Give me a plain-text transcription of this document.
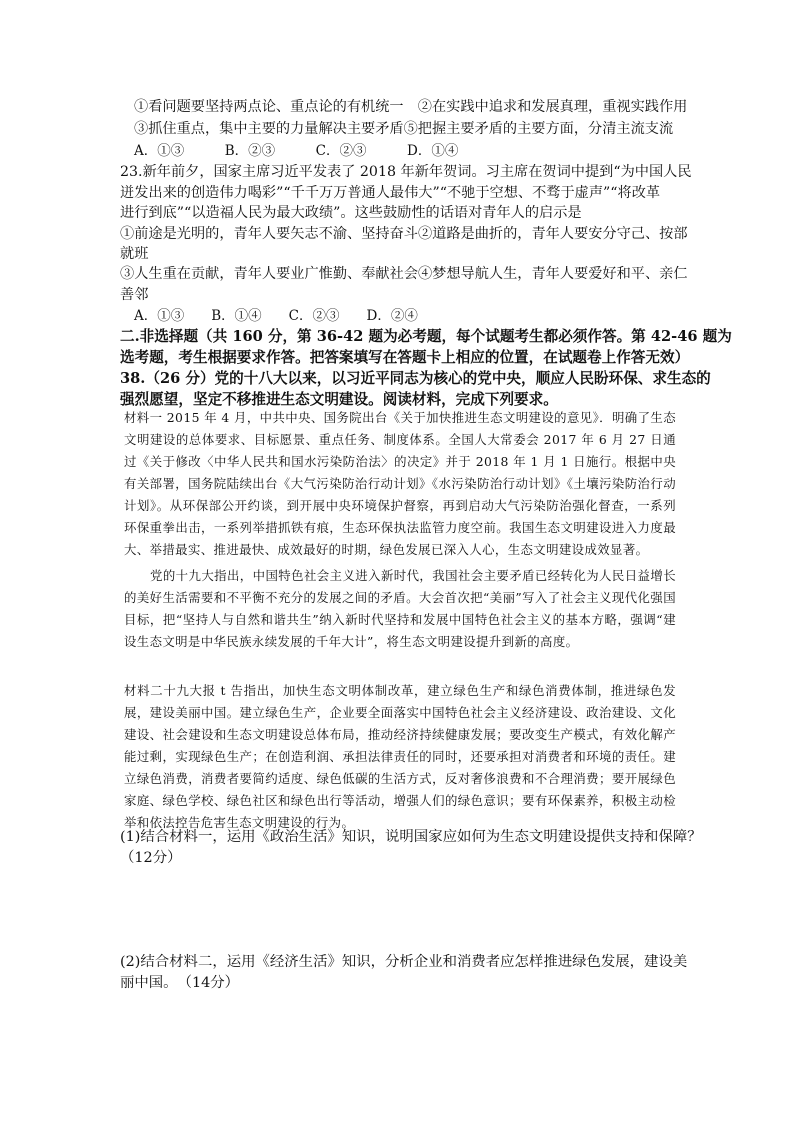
①看问题要坚持两点论、重点论的有机统一　②在实践中追求和发展真理，重视实践作用
③抓住重点，集中主要的力量解决主要矛盾⑤把握主要矛盾的主要方面，分清主流支流
A．①③　　　B．②③　　　C．②③　　　D．①④
23.新年前夕，国家主席习近平发表了 2018 年新年贺词。习主席在贺词中提到“为中国人民
迸发出来的创造伟力喝彩”“千千万万普通人最伟大”“不驰于空想、不骛于虚声”“将改革
进行到底”“以造福人民为最大政绩”。这些鼓励性的话语对青年人的启示是
①前途是光明的，青年人要矢志不渝、坚持奋斗②道路是曲折的，青年人要安分守己、按部
就班
③人生重在贡献，青年人要业广惟勤、奉献社会④梦想导航人生，青年人要爱好和平、亲仁
善邻
A．①③　　B．①④　　C．②③　　D．②④
二.非选择题（共 160 分，第 36-42 题为必考题，每个试题考生都必须作答。第 42-46 题为
选考题，考生根据要求作答。把答案填写在答题卡上相应的位置，在试题卷上作答无效）
38.（26 分）党的十八大以来，以习近平同志为核心的党中央，顺应人民盼环保、求生态的
强烈愿望，坚定不移推进生态文明建设。阅读材料，完成下列要求。

材料一 2015 年 4 月，中共中央、国务院出台《关于加快推进生态文明建设的意见》．明确了生态文明建设的总体要求、目标愿景、重点任务、制度体系。全国人大常委会 2017 年 6 月 27 日通过《关于修改〈中华人民共和国水污染防治法〉的决定》并于 2018 年 1 月 1 日施行。根据中央有关部署，国务院陆续出台《大气污染防治行动计划》《水污染防治行动计划》《土壤污染防治行动计划》。从环保部公开约谈，到开展中央环境保护督察，再到启动大气污染防治强化督查，一系列环保重拳出击，一系列举措抓铁有痕，生态环保执法监管力度空前。我国生态文明建设进入力度最大、举措最实、推进最快、成效最好的时期，绿色发展已深入人心，生态文明建设成效显著。

党的十九大指出，中国特色社会主义进入新时代，我国社会主要矛盾已经转化为人民日益增长的美好生活需要和不平衡不充分的发展之间的矛盾。大会首次把“美丽”写入了社会主义现代化强国目标，把“坚持人与自然和谐共生”纳入新时代坚持和发展中国特色社会主义的基本方略，强调“建设生态文明是中华民族永续发展的千年大计”，将生态文明建设提升到新的高度。

材料二十九大报 t 告指出，加快生态文明体制改革，建立绿色生产和绿色消费体制，推进绿色发展，建设美丽中国。建立绿色生产，企业要全面落实中国特色社会主义经济建设、政治建设、文化建设、社会建设和生态文明建设总体布局，推动经济持续健康发展；要改变生产模式，有效化解产能过剩，实现绿色生产；在创造利润、承担法律责任的同时，还要承担对消费者和环境的责任。建立绿色消费，消费者要简约适度、绿色低碳的生活方式，反对奢侈浪费和不合理消费；要开展绿色家庭、绿色学校、绿色社区和绿色出行等活动，增强人们的绿色意识；要有环保素养，积极主动检举和依法控告危害生态文明建设的行为。

(1)结合材料一，运用《政治生活》知识，说明国家应如何为生态文明建设提供支持和保障？
（12分）
(2)结合材料二，运用《经济生活》知识，分析企业和消费者应怎样推进绿色发展，建设美
丽中国。　（14分）
